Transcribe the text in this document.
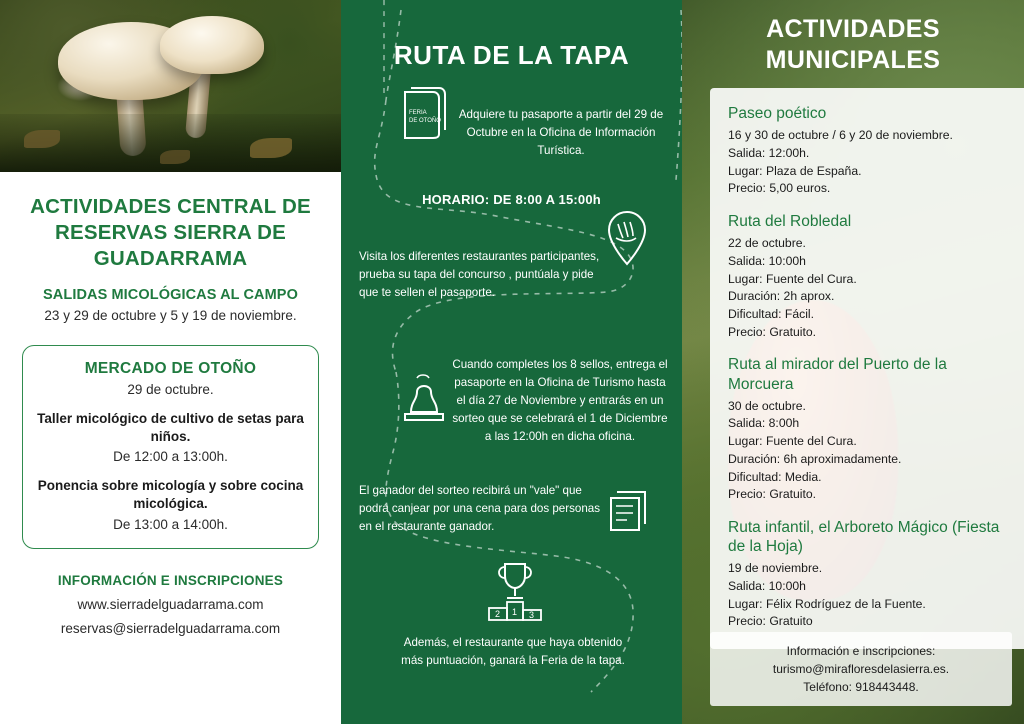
ACTIVIDADES CENTRAL DE RESERVAS SIERRA DE GUADARRAMA
SALIDAS MICOLÓGICAS AL CAMPO
23 y 29 de octubre y 5 y 19 de noviembre.
MERCADO DE OTOÑO
29 de octubre.
Taller micológico de cultivo de setas para niños.
De 12:00 a 13:00h.
Ponencia sobre micología y sobre cocina micológica.
De 13:00 a 14:00h.
INFORMACIÓN E INSCRIPCIONES
www.sierradelguadarrama.com
reservas@sierradelguadarrama.com
RUTA DE LA TAPA
FERIA
DE OTOÑO	Adquiere tu pasaporte a partir del 29 de Octubre en la Oficina de Información Turística.
HORARIO: DE 8:00 A 15:00h
Visita los diferentes restaurantes participantes, prueba su tapa del concurso , puntúala y pide que te sellen el pasaporte.
Cuando completes los 8 sellos, entrega el pasaporte en la Oficina de Turismo hasta el día 27 de Noviembre y entrarás en un sorteo que se celebrará el 1 de Diciembre a las 12:00h en dicha oficina.
El ganador del sorteo recibirá un "vale" que podrá canjear por una cena para dos personas en el restaurante ganador.
1
2	3
Además, el restaurante que haya obtenido más puntuación, ganará la Feria de la tapa.
ACTIVIDADES MUNICIPALES
Paseo poético
16 y 30 de octubre / 6 y 20 de noviembre.
Salida: 12:00h.
Lugar: Plaza de España.
Precio: 5,00 euros.
Ruta del Robledal
22 de octubre.
Salida: 10:00h
Lugar: Fuente del Cura.
Duración: 2h aprox.
Dificultad: Fácil.
Precio: Gratuito.
Ruta al mirador del Puerto de la Morcuera
30 de octubre.
Salida: 8:00h
Lugar: Fuente del Cura.
Duración: 6h aproximadamente.
Dificultad: Media.
Precio: Gratuito.
Ruta infantil, el Arboreto Mágico (Fiesta de la Hoja)
19 de noviembre.
Salida: 10:00h
Lugar: Félix Rodríguez de la Fuente.
Precio: Gratuito
Información e inscripciones:
turismo@mirafloresdelasierra.es.
Teléfono: 918443448.
